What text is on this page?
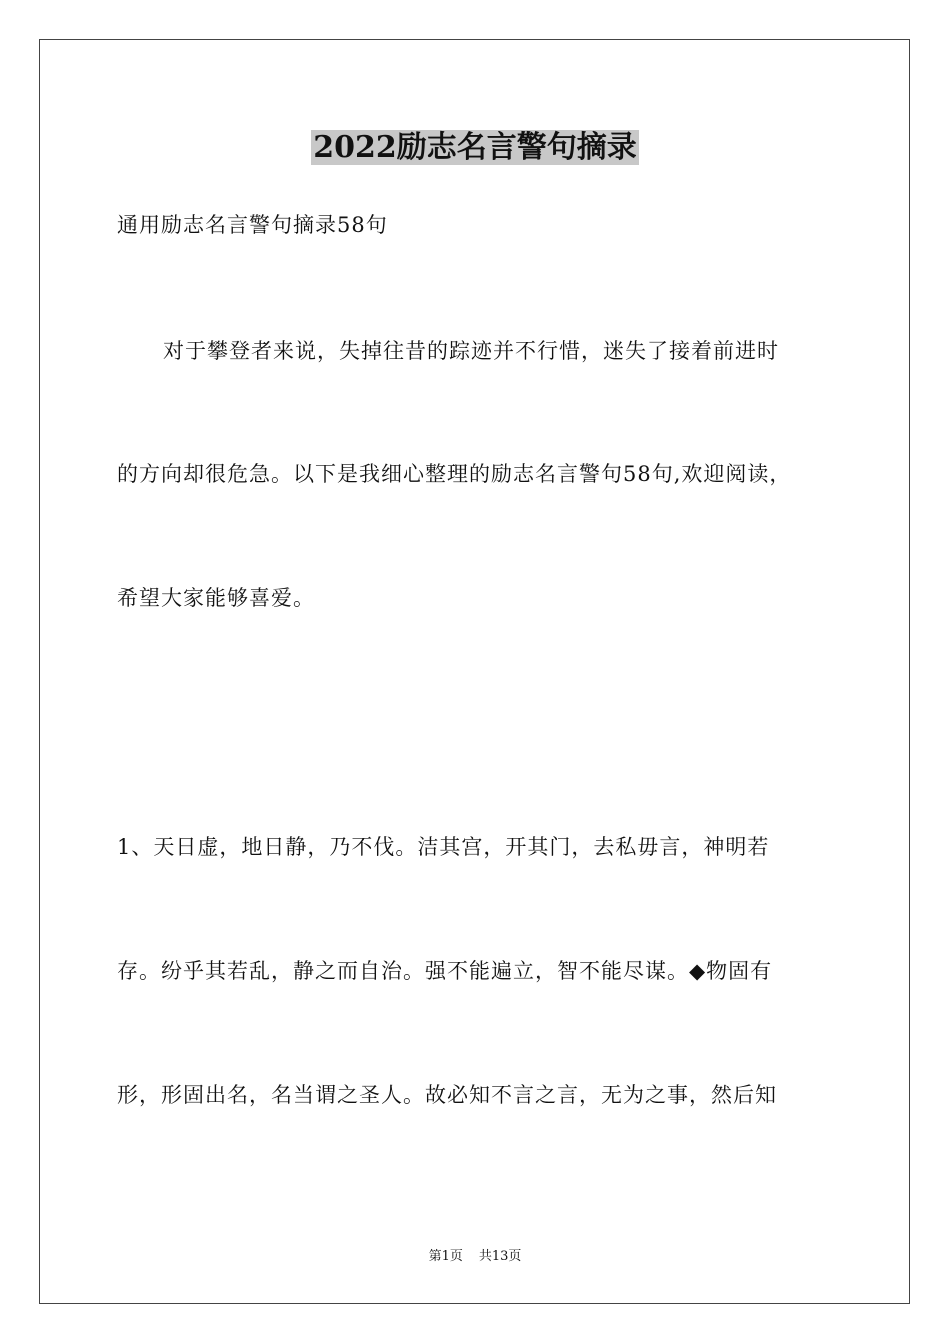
2022励志名言警句摘录
通用励志名言警句摘录58句
对于攀登者来说，失掉往昔的踪迹并不行惜，迷失了接着前进时
的方向却很危急。以下是我细心整理的励志名言警句58句,欢迎阅读，
希望大家能够喜爱。
1、天日虚，地日静，乃不伐。洁其宫，开其门，去私毋言，神明若
存。纷乎其若乱，静之而自治。强不能遍立，智不能尽谋。◆物固有
形，形固出名，名当谓之圣人。故必知不言之言，无为之事，然后知
第1页 共13页
